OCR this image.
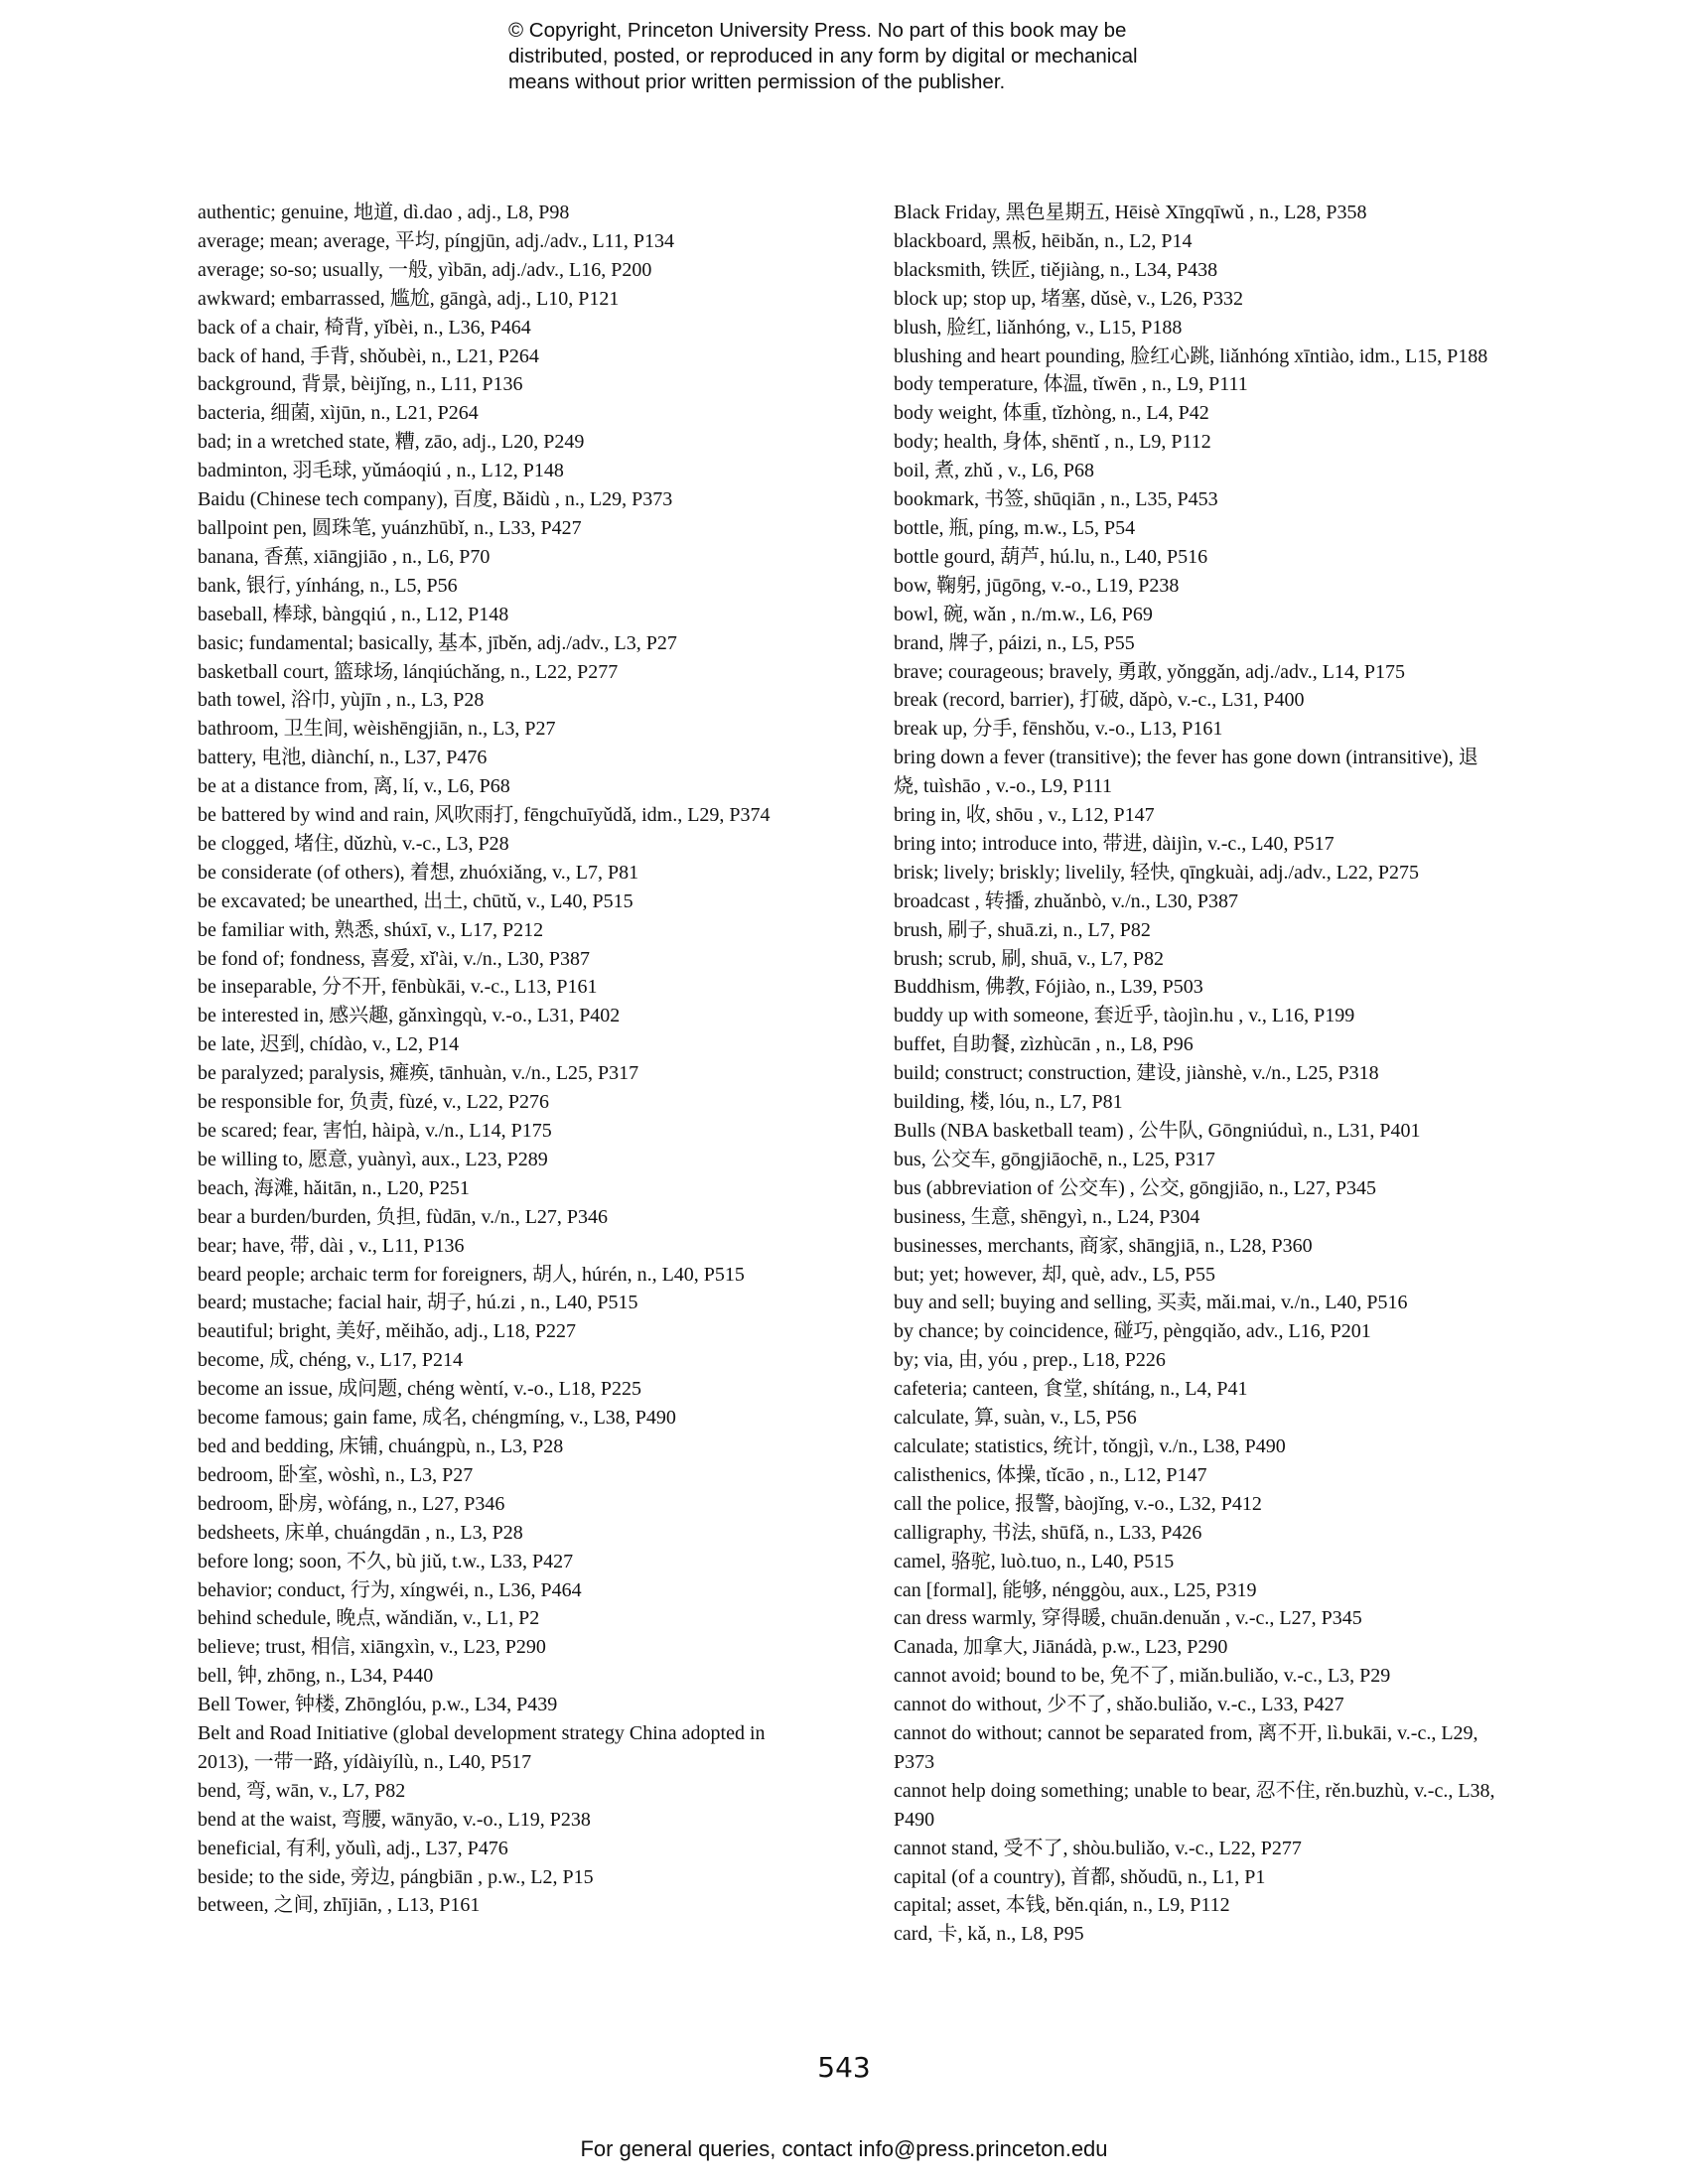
© Copyright, Princeton University Press. No part of this book may be
distributed, posted, or reproduced in any form by digital or mechanical
means without prior written permission of the publisher.

authentic; genuine, 地道, dì.dao , adj., L8, P98

average; mean; average, 平均, píngjūn, adj./adv., L11, P134

average; so-so; usually, 一般, yìbān, adj./adv., L16, P200

awkward; embarrassed, 尴尬, gāngà, adj., L10, P121

back of a chair, 椅背, yǐbèi, n., L36, P464

back of hand, 手背, shǒubèi, n., L21, P264

background, 背景, bèijǐng, n., L11, P136

bacteria, 细菌, xìjūn, n., L21, P264

bad; in a wretched state, 糟, zāo, adj., L20, P249

badminton, 羽毛球, yǔmáoqiú , n., L12, P148

Baidu (Chinese tech company), 百度, Bǎidù , n., L29, P373

ballpoint pen, 圆珠笔, yuánzhūbǐ, n., L33, P427

banana, 香蕉, xiāngjiāo , n., L6, P70

bank, 银行, yínháng, n., L5, P56

baseball, 棒球, bàngqiú , n., L12, P148

basic; fundamental; basically, 基本, jīběn, adj./adv., L3, P27

basketball court, 篮球场, lánqiúchǎng, n., L22, P277

bath towel, 浴巾, yùjīn , n., L3, P28

bathroom, 卫生间, wèishēngjiān, n., L3, P27

battery, 电池, diànchí, n., L37, P476

be at a distance from, 离, lí, v., L6, P68

be battered by wind and rain, 风吹雨打, fēngchuīyǔdǎ, idm., L29, P374

be clogged, 堵住, dǔzhù, v.-c., L3, P28

be considerate (of others), 着想, zhuóxiǎng, v., L7, P81

be excavated; be unearthed, 出土, chūtǔ, v., L40, P515

be familiar with, 熟悉, shúxī, v., L17, P212

be fond of; fondness, 喜爱, xǐ'ài, v./n., L30, P387

be inseparable, 分不开, fēnbùkāi, v.-c., L13, P161

be interested in, 感兴趣, gǎnxìngqù, v.-o., L31, P402

be late, 迟到, chídào, v., L2, P14

be paralyzed; paralysis, 瘫痪, tānhuàn, v./n., L25, P317

be responsible for, 负责, fùzé, v., L22, P276

be scared; fear, 害怕, hàipà, v./n., L14, P175

be willing to, 愿意, yuànyì, aux., L23, P289

beach, 海滩, hǎitān, n., L20, P251

bear a burden/burden, 负担, fùdān, v./n., L27, P346

bear; have, 带, dài , v., L11, P136

beard people; archaic term for foreigners, 胡人, húrén, n., L40, P515

beard; mustache; facial hair, 胡子, hú.zi , n., L40, P515

beautiful; bright, 美好, měihǎo, adj., L18, P227

become, 成, chéng, v., L17, P214

become an issue, 成问题, chéng wèntí, v.-o., L18, P225

become famous; gain fame, 成名, chéngmíng, v., L38, P490

bed and bedding, 床铺, chuángpù, n., L3, P28

bedroom, 卧室, wòshì, n., L3, P27

bedroom, 卧房, wòfáng, n., L27, P346

bedsheets, 床单, chuángdān , n., L3, P28

before long; soon, 不久, bù jiǔ, t.w., L33, P427

behavior; conduct, 行为, xíngwéi, n., L36, P464

behind schedule, 晚点, wǎndiǎn, v., L1, P2

believe; trust, 相信, xiāngxìn, v., L23, P290

bell, 钟, zhōng, n., L34, P440

Bell Tower, 钟楼, Zhōnglóu, p.w., L34, P439

Belt and Road Initiative (global development strategy China adopted in 2013), 一带一路, yídàiyílù, n., L40, P517

bend, 弯, wān, v., L7, P82

bend at the waist, 弯腰, wānyāo, v.-o., L19, P238

beneficial, 有利, yǒulì, adj., L37, P476

beside; to the side, 旁边, pángbiān , p.w., L2, P15

between, 之间, zhījiān, , L13, P161

Black Friday, 黑色星期五, Hēisè Xīngqīwǔ , n., L28, P358

blackboard, 黑板, hēibǎn, n., L2, P14

blacksmith, 铁匠, tiějiàng, n., L34, P438

block up; stop up, 堵塞, dǔsè, v., L26, P332

blush, 脸红, liǎnhóng, v., L15, P188

blushing and heart pounding, 脸红心跳, liǎnhóng xīntiào, idm., L15, P188

body temperature, 体温, tǐwēn , n., L9, P111

body weight, 体重, tǐzhòng, n., L4, P42

body; health, 身体, shēntǐ , n., L9, P112

boil, 煮, zhǔ , v., L6, P68

bookmark, 书签, shūqiān , n., L35, P453

bottle, 瓶, píng, m.w., L5, P54

bottle gourd, 葫芦, hú.lu, n., L40, P516

bow, 鞠躬, jūgōng, v.-o., L19, P238

bowl, 碗, wǎn , n./m.w., L6, P69

brand, 牌子, páizi, n., L5, P55

brave; courageous; bravely, 勇敢, yǒnggǎn, adj./adv., L14, P175

break (record, barrier), 打破, dǎpò, v.-c., L31, P400

break up, 分手, fēnshǒu, v.-o., L13, P161

bring down a fever (transitive); the fever has gone down (intransitive), 退烧, tuìshāo , v.-o., L9, P111

bring in, 收, shōu , v., L12, P147

bring into; introduce into, 带进, dàijìn, v.-c., L40, P517

brisk; lively; briskly; livelily, 轻快, qīngkuài, adj./adv., L22, P275

broadcast , 转播, zhuǎnbò, v./n., L30, P387

brush, 刷子, shuā.zi, n., L7, P82

brush; scrub, 刷, shuā, v., L7, P82

Buddhism, 佛教, Fójiào, n., L39, P503

buddy up with someone, 套近乎, tàojìn.hu , v., L16, P199

buffet, 自助餐, zìzhùcān , n., L8, P96

build; construct; construction, 建设, jiànshè, v./n., L25, P318

building, 楼, lóu, n., L7, P81

Bulls (NBA basketball team) , 公牛队, Gōngniúduì, n., L31, P401

bus, 公交车, gōngjiāochē, n., L25, P317

bus (abbreviation of 公交车) , 公交, gōngjiāo, n., L27, P345

business, 生意, shēngyì, n., L24, P304

businesses, merchants, 商家, shāngjiā, n., L28, P360

but; yet; however, 却, què, adv., L5, P55

buy and sell; buying and selling, 买卖, mǎi.mai, v./n., L40, P516

by chance; by coincidence, 碰巧, pèngqiǎo, adv., L16, P201

by; via, 由, yóu , prep., L18, P226

cafeteria; canteen, 食堂, shítáng, n., L4, P41

calculate, 算, suàn, v., L5, P56

calculate; statistics, 统计, tǒngjì, v./n., L38, P490

calisthenics, 体操, tǐcāo , n., L12, P147

call the police, 报警, bàojǐng, v.-o., L32, P412

calligraphy, 书法, shūfǎ, n., L33, P426

camel, 骆驼, luò.tuo, n., L40, P515

can [formal], 能够, nénggòu, aux., L25, P319

can dress warmly, 穿得暖, chuān.denuǎn , v.-c., L27, P345

Canada, 加拿大, Jiānádà, p.w., L23, P290

cannot avoid; bound to be, 免不了, miǎn.buliǎo, v.-c., L3, P29

cannot do without, 少不了, shǎo.buliǎo, v.-c., L33, P427

cannot do without; cannot be separated from, 离不开, lì.bukāi, v.-c., L29, P373

cannot help doing something; unable to bear, 忍不住, rěn.buzhù, v.-c., L38, P490

cannot stand, 受不了, shòu.buliǎo, v.-c., L22, P277

capital (of a country), 首都, shǒudū, n., L1, P1

capital; asset, 本钱, běn.qián, n., L9, P112

card, 卡, kǎ, n., L8, P95

543
For general queries, contact info@press.princeton.edu
